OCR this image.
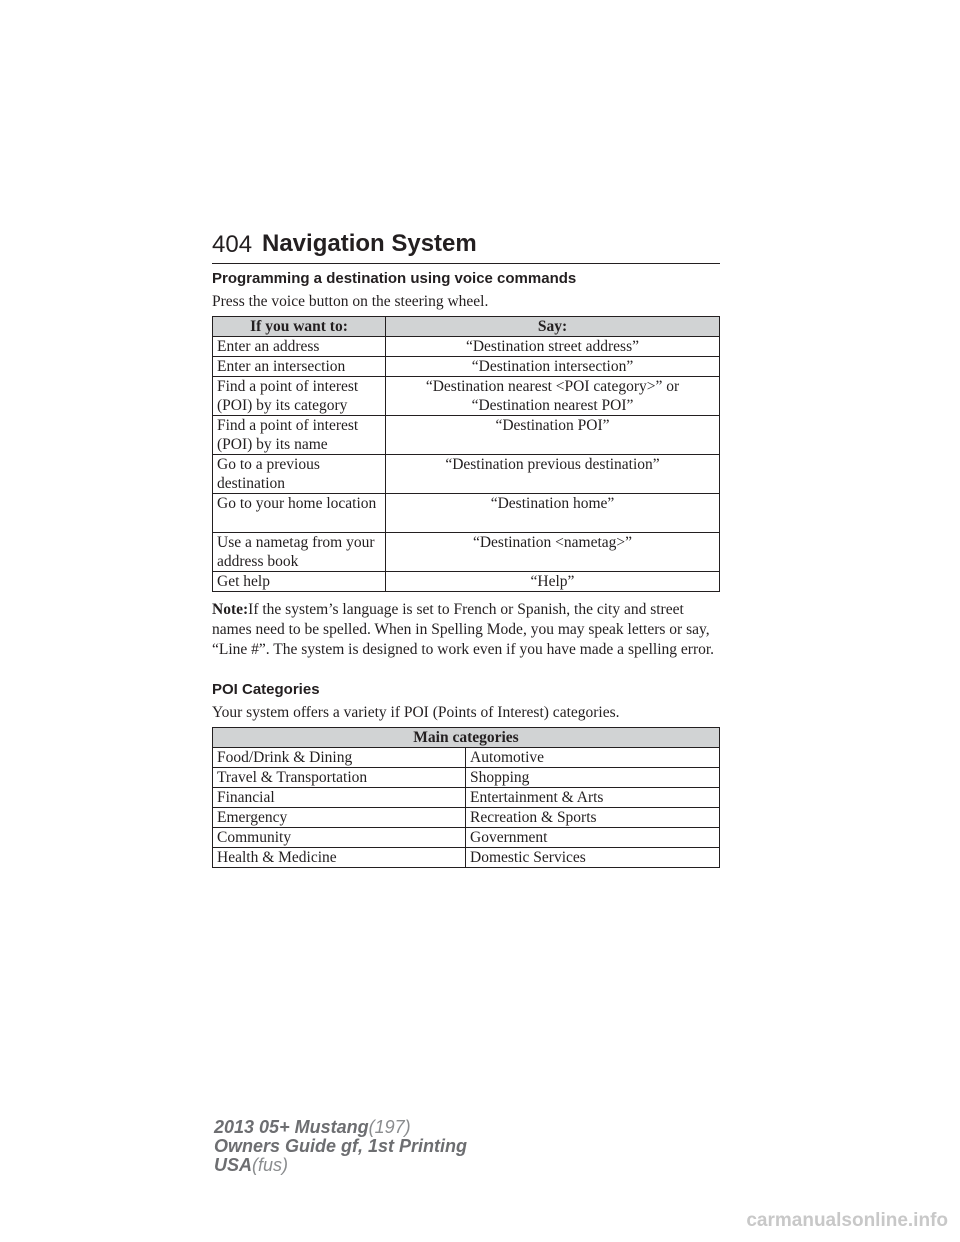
404 Navigation System
Programming a destination using voice commands
Press the voice button on the steering wheel.
If you want to:	Say:
Enter an address	“Destination street address”
Enter an intersection	“Destination intersection”
Find a point of interest (POI) by its category	“Destination nearest <POI category>” or “Destination nearest POI”
Find a point of interest (POI) by its name	“Destination POI”
Go to a previous destination	“Destination previous destination”
Go to your home location	“Destination home”
Use a nametag from your address book	“Destination <nametag>”
Get help	“Help”
Note:If the system’s language is set to French or Spanish, the city and street names need to be spelled. When in Spelling Mode, you may speak letters or say, “Line #”. The system is designed to work even if you have made a spelling error.
POI Categories
Your system offers a variety if POI (Points of Interest) categories.
Main categories	
Food/Drink & Dining	Automotive
Travel & Transportation	Shopping
Financial	Entertainment & Arts
Emergency	Recreation & Sports
Community	Government
Health & Medicine	Domestic Services
2013 05+ Mustang(197)
Owners Guide gf, 1st Printing
USA(fus)
carmanualsonline.info
